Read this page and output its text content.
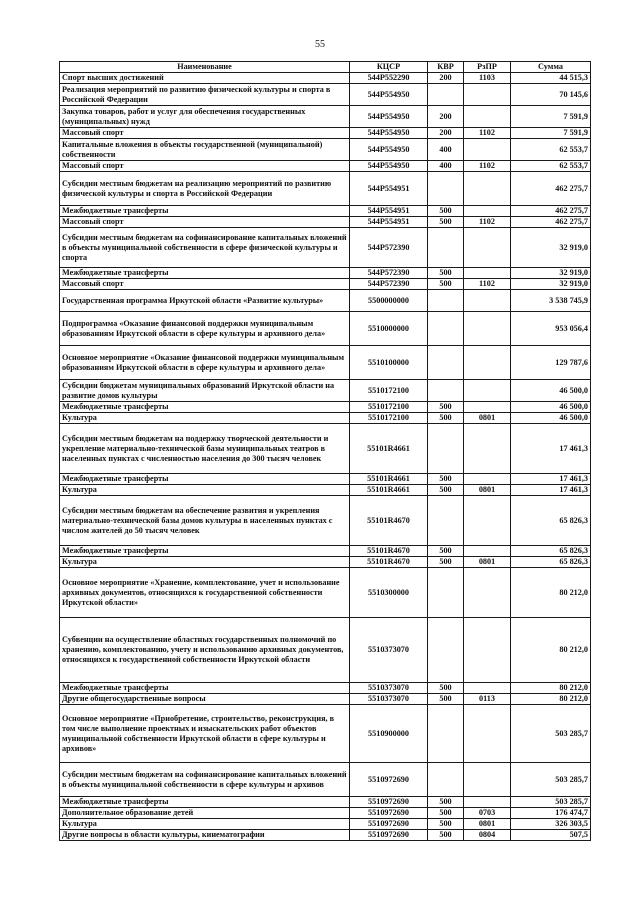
55
Наименование	КЦСР	КВР	РзПР	Сумма
Спорт высших достижений	544P552290	200	1103	44 515,3
Реализация мероприятий по развитию физической культуры и спорта в Российской Федерации	544P554950			70 145,6
Закупка товаров, работ и услуг для обеспечения государственных (муниципальных) нужд	544P554950	200		7 591,9
Массовый спорт	544P554950	200	1102	7 591,9
Капитальные вложения в объекты государственной (муниципальной) собственности	544P554950	400		62 553,7
Массовый спорт	544P554950	400	1102	62 553,7
Субсидии местным бюджетам на реализацию мероприятий по развитию физической культуры и спорта в Российской Федерации	544P554951			462 275,7
Межбюджетные трансферты	544P554951	500		462 275,7
Массовый спорт	544P554951	500	1102	462 275,7
Субсидии местным бюджетам на софинансирование капитальных вложений в объекты муниципальной собственности в сфере физической культуры и спорта	544P572390			32 919,0
Межбюджетные трансферты	544P572390	500		32 919,0
Массовый спорт	544P572390	500	1102	32 919,0
Государственная программа Иркутской области «Развитие культуры»	5500000000			3 538 745,9
Подпрограмма «Оказание финансовой поддержки муниципальным образованиям Иркутской области в сфере культуры и архивного дела»	5510000000			953 056,4
Основное мероприятие «Оказание финансовой поддержки муниципальным образованиям Иркутской области в сфере культуры и архивного дела»	5510100000			129 787,6
Субсидии бюджетам муниципальных образований Иркутской области на развитие домов культуры	5510172100			46 500,0
Межбюджетные трансферты	5510172100	500		46 500,0
Культура	5510172100	500	0801	46 500,0
Субсидии местным бюджетам на поддержку творческой деятельности и укрепление материально-технической базы муниципальных театров в населенных пунктах с численностью населения до 300 тысяч человек	55101R4661			17 461,3
Межбюджетные трансферты	55101R4661	500		17 461,3
Культура	55101R4661	500	0801	17 461,3
Субсидии местным бюджетам на обеспечение развития и укрепления материально-технической базы домов культуры в населенных пунктах с числом жителей до 50 тысяч человек	55101R4670			65 826,3
Межбюджетные трансферты	55101R4670	500		65 826,3
Культура	55101R4670	500	0801	65 826,3
Основное мероприятие «Хранение, комплектование, учет и использование архивных документов, относящихся к государственной собственности Иркутской области»	5510300000			80 212,0
Субвенции на осуществление областных государственных полномочий по хранению, комплектованию, учету и использованию архивных документов, относящихся к государственной собственности Иркутской области	5510373070			80 212,0
Межбюджетные трансферты	5510373070	500		80 212,0
Другие общегосударственные вопросы	5510373070	500	0113	80 212,0
Основное мероприятие «Приобретение, строительство, реконструкция, в том числе выполнение проектных и изыскательских работ объектов муниципальной собственности Иркутской области в сфере культуры и архивов»	5510900000			503 285,7
Субсидии местным бюджетам на софинансирование капитальных вложений в объекты муниципальной собственности в сфере культуры и архивов	5510972690			503 285,7
Межбюджетные трансферты	5510972690	500		503 285,7
Дополнительное образование детей	5510972690	500	0703	176 474,7
Культура	5510972690	500	0801	326 303,5
Другие вопросы в области культуры, кинематографии	5510972690	500	0804	507,5
